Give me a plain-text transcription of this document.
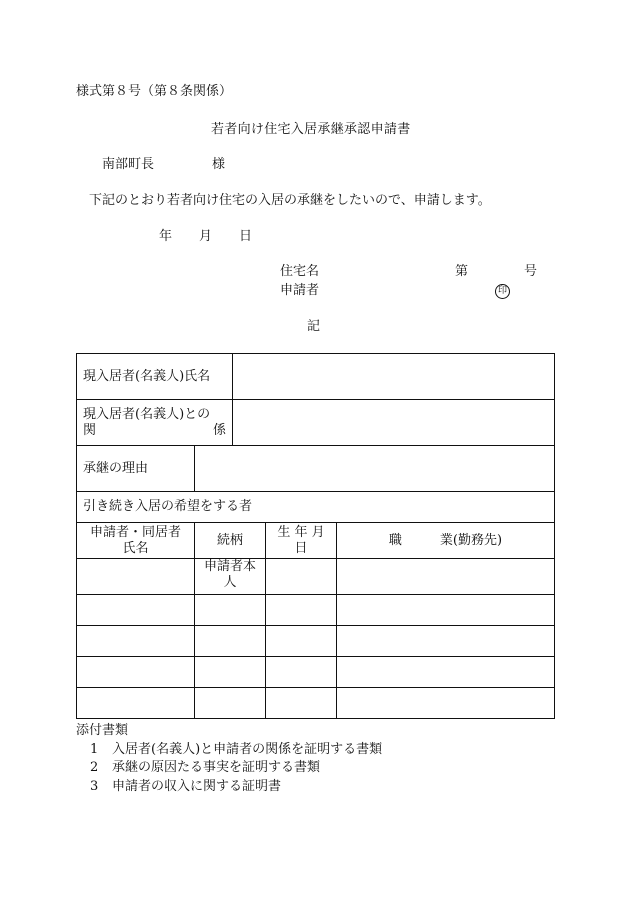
様式第８号（第８条関係）
若者向け住宅入居承継承認申請書
南部町長	様
下記のとおり若者向け住宅の入居の承継をしたいので、申請します。
年 月 日
住宅名	第	号
申請者	印
記
現入居者(名義人)氏名				

現入居者(名義人)との
関 係				

承継の理由				
引き続き入居の希望をする者				

申請者・同居者
氏名	続柄		生 年 月 日	職 業(勤務先)

	申請者本
人			

添付書類
1 入居者(名義人)と申請者の関係を証明する書類
2 承継の原因たる事実を証明する書類
3 申請者の収入に関する証明書
